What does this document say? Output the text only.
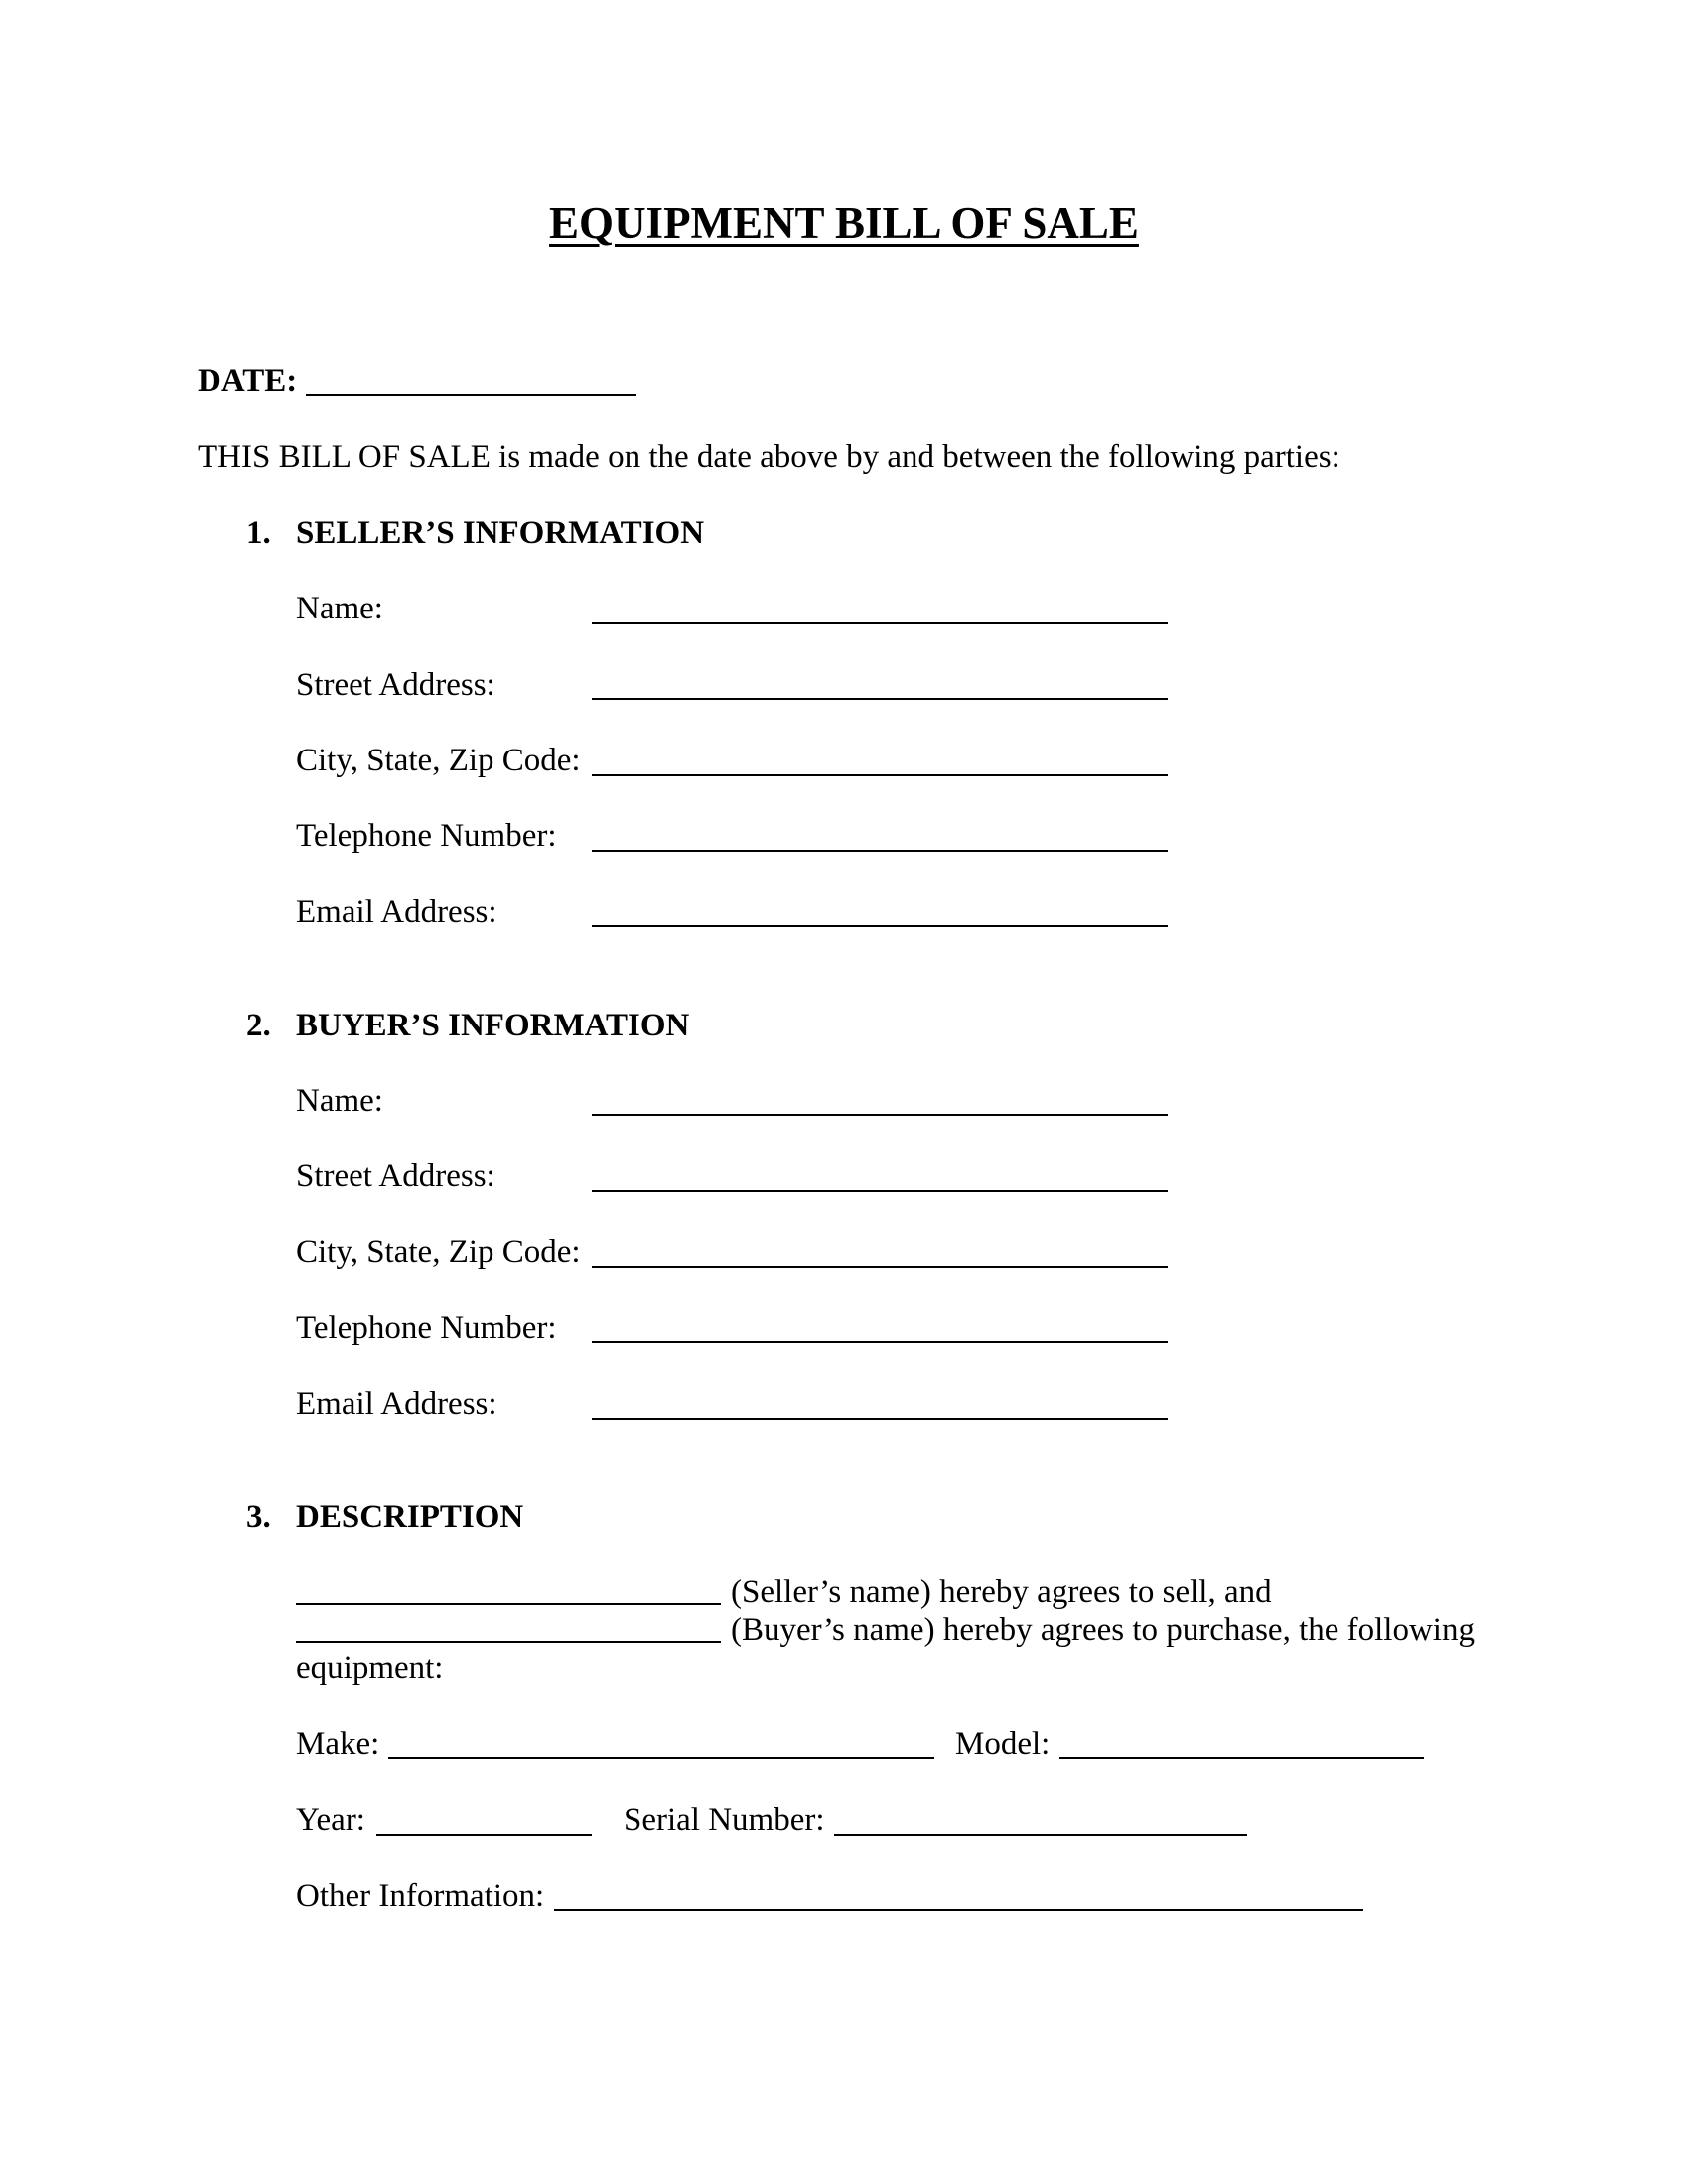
EQUIPMENT BILL OF SALE
DATE:
THIS BILL OF SALE is made on the date above by and between the following parties:
1. SELLER’S INFORMATION
Name:
Street Address:
City, State, Zip Code:
Telephone Number:
Email Address:
2. BUYER’S INFORMATION
Name:
Street Address:
City, State, Zip Code:
Telephone Number:
Email Address:
3. DESCRIPTION
(Seller’s name) hereby agrees to sell, and
(Buyer’s name) hereby agrees to purchase, the following
equipment:
Make:	Model:
Year:	Serial Number:
Other Information:
